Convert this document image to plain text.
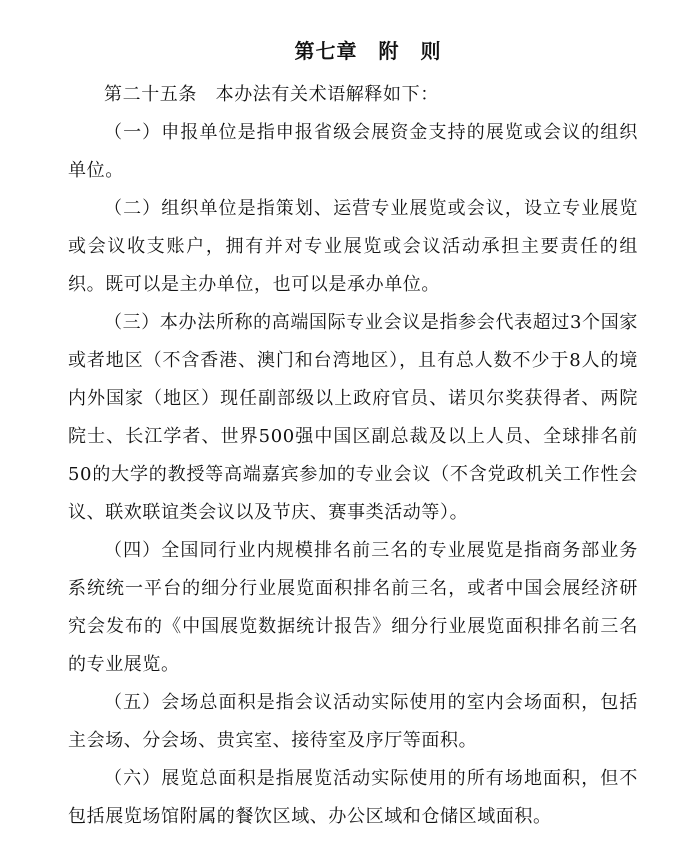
第七章　附　则

第二十五条　本办法有关术语解释如下：

（一）申报单位是指申报省级会展资金支持的展览或会议的组织单位。

（二）组织单位是指策划、运营专业展览或会议，设立专业展览或会议收支账户，拥有并对专业展览或会议活动承担主要责任的组织。既可以是主办单位，也可以是承办单位。

（三）本办法所称的高端国际专业会议是指参会代表超过3个国家或者地区（不含香港、澳门和台湾地区），且有总人数不少于8人的境内外国家（地区）现任副部级以上政府官员、诺贝尔奖获得者、两院院士、长江学者、世界500强中国区副总裁及以上人员、全球排名前50的大学的教授等高端嘉宾参加的专业会议（不含党政机关工作性会议、联欢联谊类会议以及节庆、赛事类活动等）。

（四）全国同行业内规模排名前三名的专业展览是指商务部业务系统统一平台的细分行业展览面积排名前三名，或者中国会展经济研究会发布的《中国展览数据统计报告》细分行业展览面积排名前三名的专业展览。

（五）会场总面积是指会议活动实际使用的室内会场面积，包括主会场、分会场、贵宾室、接待室及序厅等面积。

（六）展览总面积是指展览活动实际使用的所有场地面积，但不包括展览场馆附属的餐饮区域、办公区域和仓储区域面积。
